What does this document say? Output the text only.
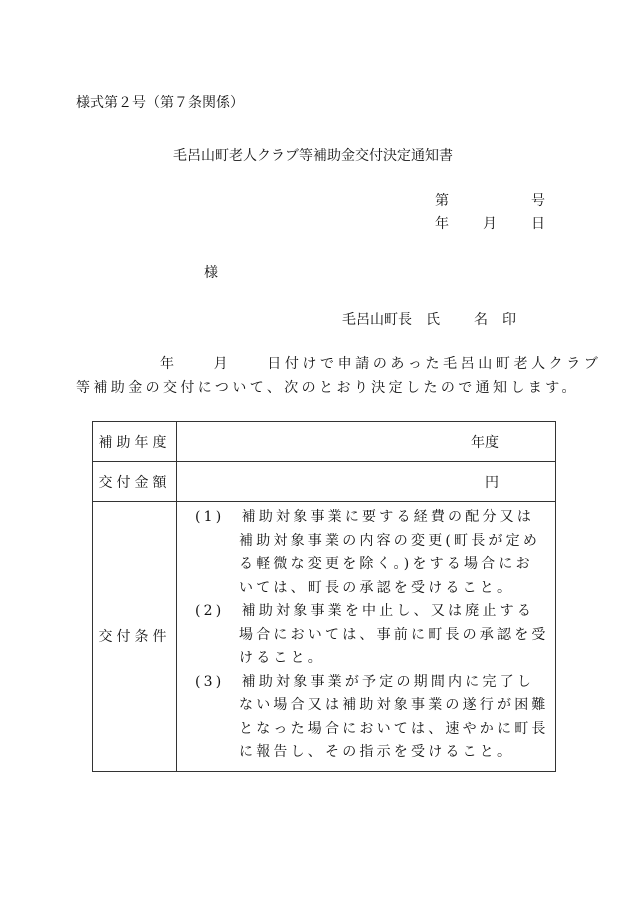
様式第２号（第７条関係）
毛呂山町老人クラブ等補助金交付決定通知書
第	号
年 月 日
様
毛呂山町長 氏 名 印
年	月	日付けで申請のあった毛呂山町老人クラブ
等補助金の交付について、次のとおり決定したので通知します。
補助年度	年度
交付金額	円
交付条件	(1)　 補助対象事業に要する経費の配分又は補助対象事業の内容の変更(町長が定める軽微な変更を除く。)をする場合においては、町長の承認を受けること。
(2)　 補助対象事業を中止し、又は廃止する場合においては、事前に町長の承認を受けること。
(3)　 補助対象事業が予定の期間内に完了しない場合又は補助対象事業の遂行が困難となった場合においては、速やかに町長に報告し、その指示を受けること。
